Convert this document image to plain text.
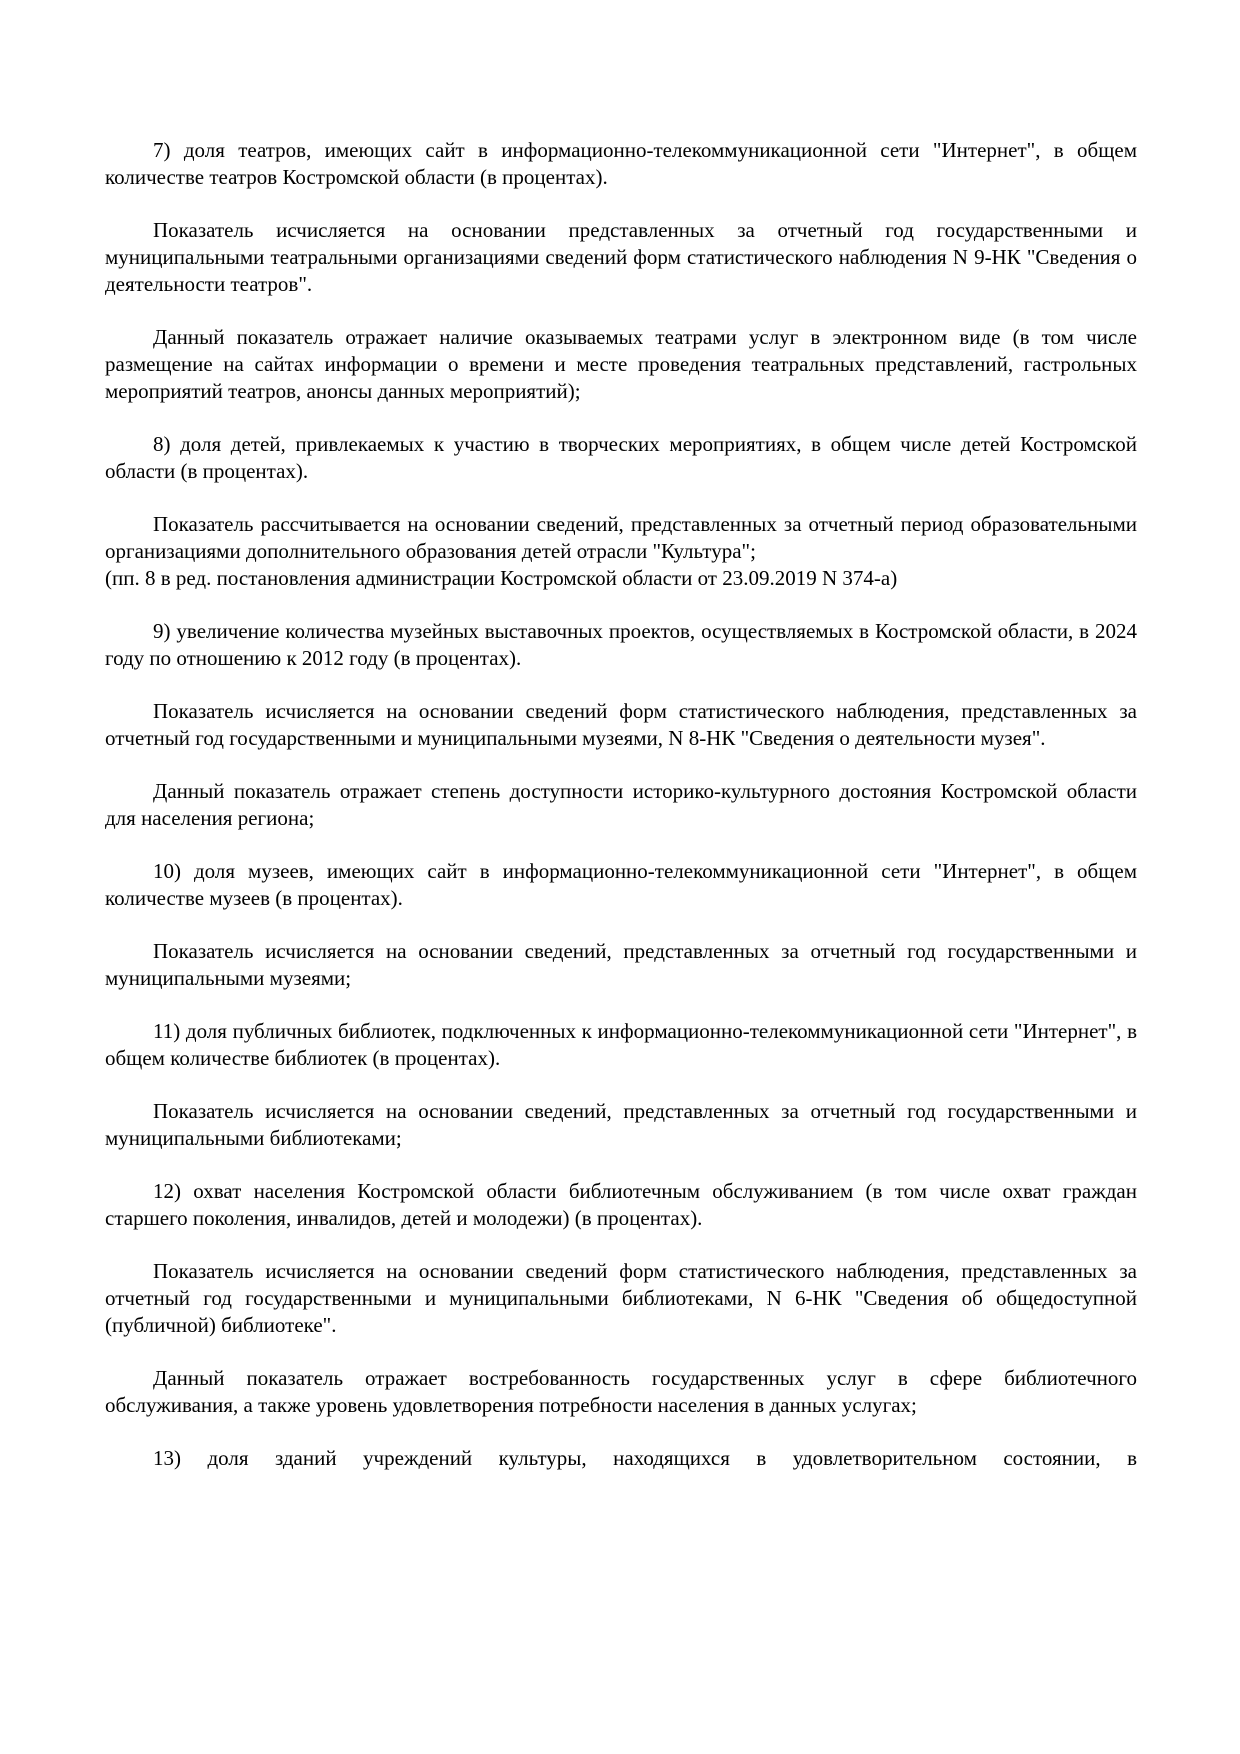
7) доля театров, имеющих сайт в информационно-телекоммуникационной сети "Интернет", в общем количестве театров Костромской области (в процентах).

Показатель исчисляется на основании представленных за отчетный год государственными и муниципальными театральными организациями сведений форм статистического наблюдения N 9-НК "Сведения о деятельности театров".

Данный показатель отражает наличие оказываемых театрами услуг в электронном виде (в том числе размещение на сайтах информации о времени и месте проведения театральных представлений, гастрольных мероприятий театров, анонсы данных мероприятий);

8) доля детей, привлекаемых к участию в творческих мероприятиях, в общем числе детей Костромской области (в процентах).

Показатель рассчитывается на основании сведений, представленных за отчетный период образовательными организациями дополнительного образования детей отрасли "Культура";

(пп. 8 в ред. постановления администрации Костромской области от 23.09.2019 N 374-а)

9) увеличение количества музейных выставочных проектов, осуществляемых в Костромской области, в 2024 году по отношению к 2012 году (в процентах).

Показатель исчисляется на основании сведений форм статистического наблюдения, представленных за отчетный год государственными и муниципальными музеями, N 8-НК "Сведения о деятельности музея".

Данный показатель отражает степень доступности историко-культурного достояния Костромской области для населения региона;

10) доля музеев, имеющих сайт в информационно-телекоммуникационной сети "Интернет", в общем количестве музеев (в процентах).

Показатель исчисляется на основании сведений, представленных за отчетный год государственными и муниципальными музеями;

11) доля публичных библиотек, подключенных к информационно-телекоммуникационной сети "Интернет", в общем количестве библиотек (в процентах).

Показатель исчисляется на основании сведений, представленных за отчетный год государственными и муниципальными библиотеками;

12) охват населения Костромской области библиотечным обслуживанием (в том числе охват граждан старшего поколения, инвалидов, детей и молодежи) (в процентах).

Показатель исчисляется на основании сведений форм статистического наблюдения, представленных за отчетный год государственными и муниципальными библиотеками, N 6-НК "Сведения об общедоступной (публичной) библиотеке".

Данный показатель отражает востребованность государственных услуг в сфере библиотечного обслуживания, а также уровень удовлетворения потребности населения в данных услугах;

13) доля зданий учреждений культуры, находящихся в удовлетворительном состоянии, в
